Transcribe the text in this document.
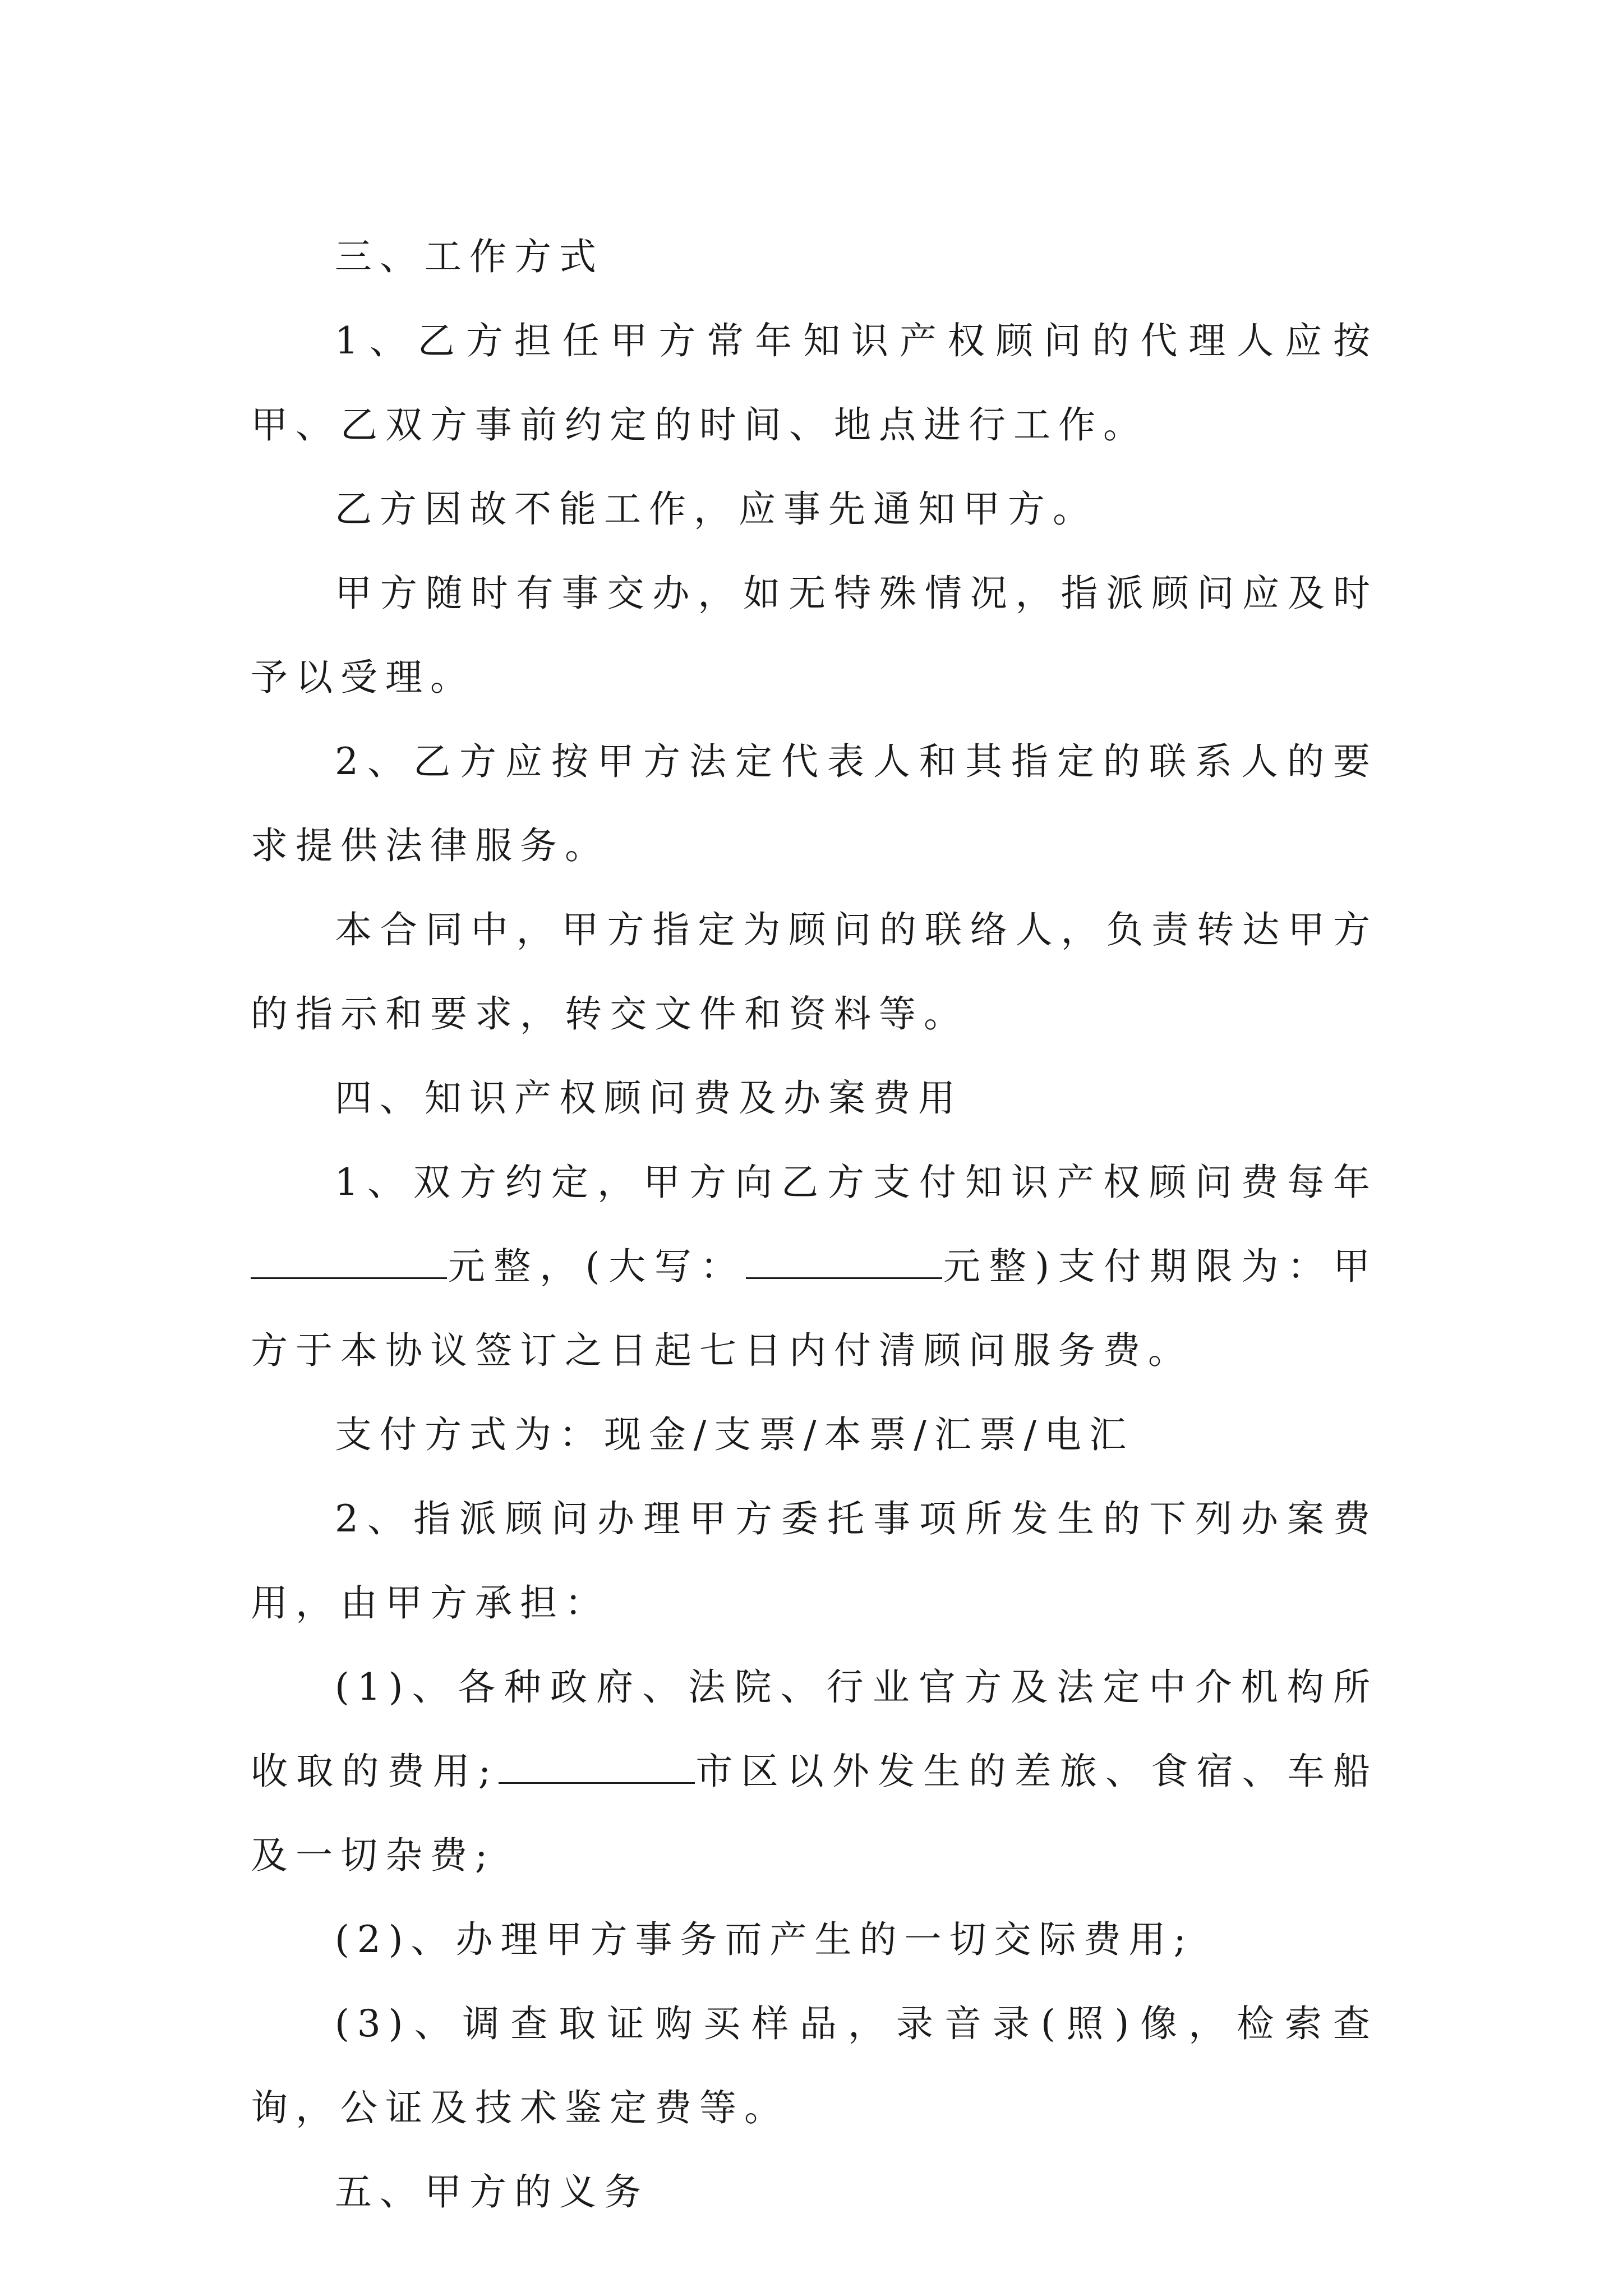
三、工作方式

1、乙方担任甲方常年知识产权顾问的代理人应按甲、乙双方事前约定的时间、地点进行工作。

乙方因故不能工作，应事先通知甲方。

甲方随时有事交办，如无特殊情况，指派顾问应及时予以受理。

2、乙方应按甲方法定代表人和其指定的联系人的要求提供法律服务。

本合同中，甲方指定为顾问的联络人，负责转达甲方的指示和要求，转交文件和资料等。

四、知识产权顾问费及办案费用

1、双方约定，甲方向乙方支付知识产权顾问费每年元整，(大写：	元整)支付期限为：甲方于本协议签订之日起七日内付清顾问服务费。

支付方式为：现金/支票/本票/汇票/电汇

2、指派顾问办理甲方委托事项所发生的下列办案费用，由甲方承担：

(1)、各种政府、法院、行业官方及法定中介机构所收取的费用;	市区以外发生的差旅、食宿、车船及一切杂费;

(2)、办理甲方事务而产生的一切交际费用;

(3)、调查取证购买样品，录音录(照)像，检索查询，公证及技术鉴定费等。

五、甲方的义务
